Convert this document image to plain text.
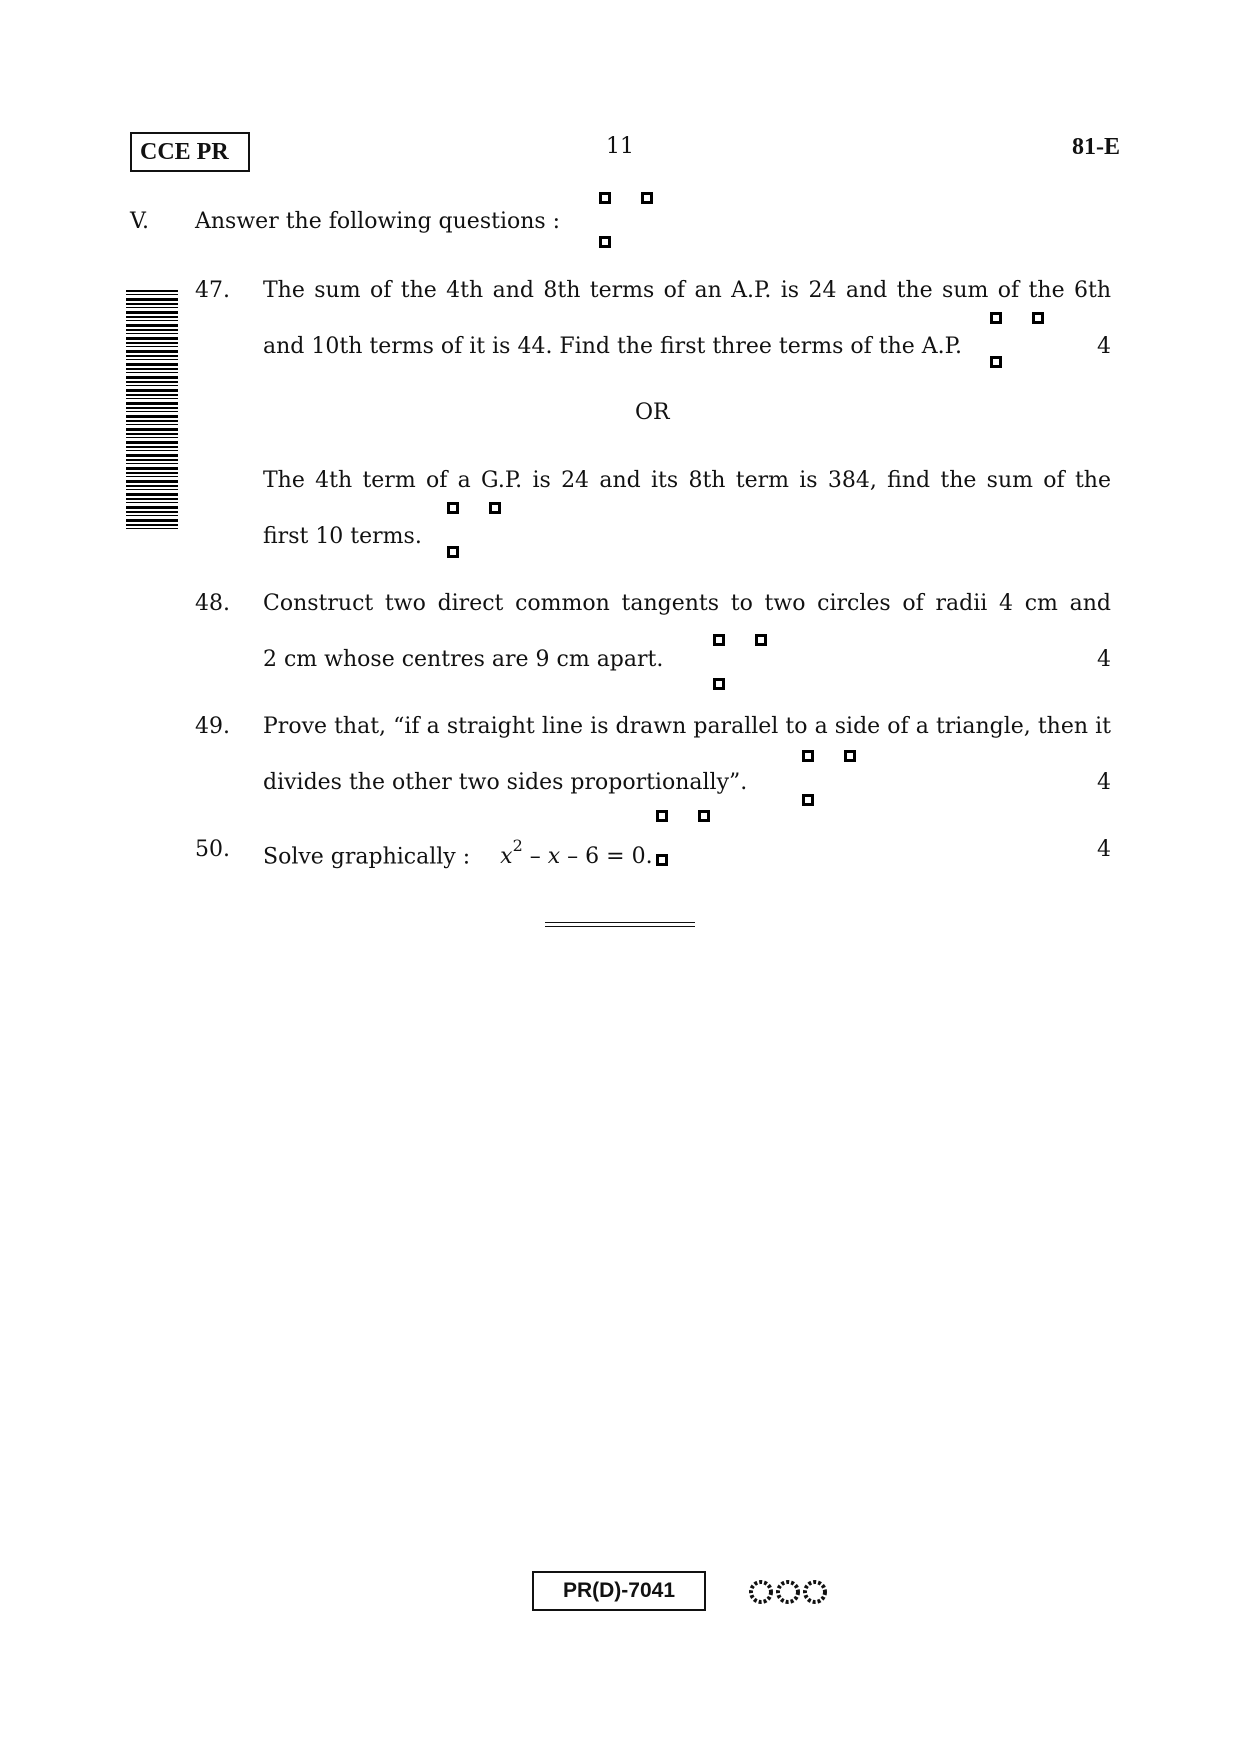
CCE PR	11	81-E
V. Answer the following questions :
47. The sum of the 4th and 8th terms of an A.P. is 24 and the sum of the 6th
and 10th terms of it is 44. Find the first three terms of the A.P.	4
OR
The 4th term of a G.P. is 24 and its 8th term is 384, find the sum of the
first 10 terms.
48. Construct two direct common tangents to two circles of radii 4 cm and
2 cm whose centres are 9 cm apart.	4
49. Prove that, “if a straight line is drawn parallel to a side of a triangle, then it
divides the other two sides proportionally”.	4
50. Solve graphically : $x^2 - x - 6 = 0$.	4
PR(D)-7041
